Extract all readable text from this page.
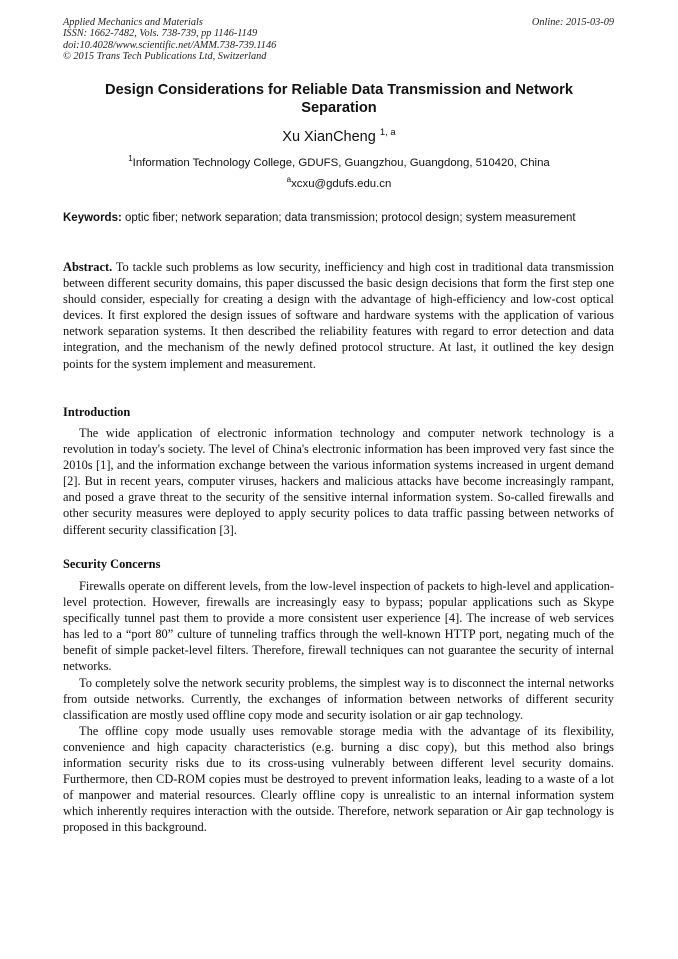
Applied Mechanics and Materials
ISSN: 1662-7482, Vols. 738-739, pp 1146-1149
doi:10.4028/www.scientific.net/AMM.738-739.1146
© 2015 Trans Tech Publications Ltd, Switzerland
Online: 2015-03-09
Design Considerations for Reliable Data Transmission and Network Separation
Xu XianCheng $^{1, a}$
$^1$Information Technology College, GDUFS, Guangzhou, Guangdong, 510420, China
$^a$xcxu@gdufs.edu.cn
Keywords: optic fiber; network separation; data transmission; protocol design; system measurement
Abstract. To tackle such problems as low security, inefficiency and high cost in traditional data transmission between different security domains, this paper discussed the basic design decisions that form the first step one should consider, especially for creating a design with the advantage of high-efficiency and low-cost optical devices. It first explored the design issues of software and hardware systems with the application of various network separation systems. It then described the reliability features with regard to error detection and data integration, and the mechanism of the newly defined protocol structure. At last, it outlined the key design points for the system implement and measurement.
Introduction

The wide application of electronic information technology and computer network technology is a revolution in today's society. The level of China's electronic information has been improved very fast since the 2010s [1], and the information exchange between the various information systems increased in urgent demand [2]. But in recent years, computer viruses, hackers and malicious attacks have become increasingly rampant, and posed a grave threat to the security of the sensitive internal information system. So-called firewalls and other security measures were deployed to apply security polices to data traffic passing between networks of different security classification [3].

Security Concerns

Firewalls operate on different levels, from the low-level inspection of packets to high-level and application-level protection. However, firewalls are increasingly easy to bypass; popular applications such as Skype specifically tunnel past them to provide a more consistent user experience [4]. The increase of web services has led to a “port 80” culture of tunneling traffics through the well-known HTTP port, negating much of the benefit of simple packet-level filters. Therefore, firewall techniques can not guarantee the security of internal networks.

To completely solve the network security problems, the simplest way is to disconnect the internal networks from outside networks. Currently, the exchanges of information between networks of different security classification are mostly used offline copy mode and security isolation or air gap technology.

The offline copy mode usually uses removable storage media with the advantage of its flexibility, convenience and high capacity characteristics (e.g. burning a disc copy), but this method also brings information security risks due to its cross-using vulnerably between different level security domains. Furthermore, then CD-ROM copies must be destroyed to prevent information leaks, leading to a waste of a lot of manpower and material resources. Clearly offline copy is unrealistic to an internal information system which inherently requires interaction with the outside. Therefore, network separation or Air gap technology is proposed in this background.
